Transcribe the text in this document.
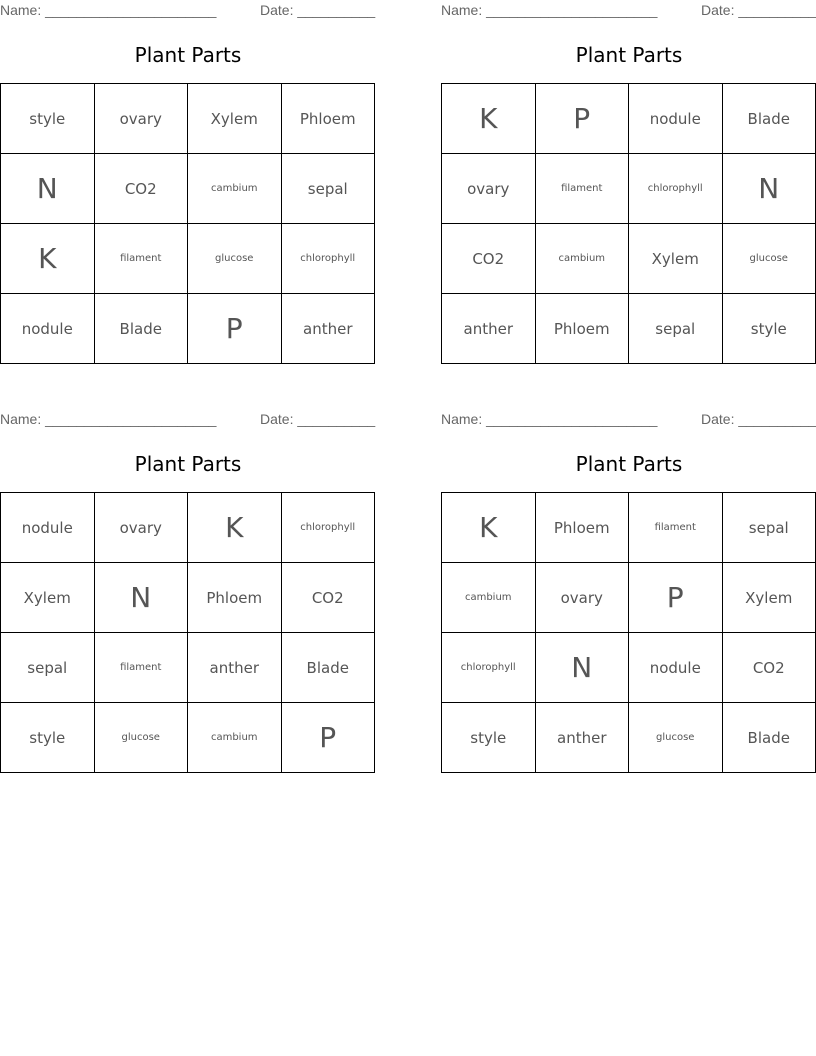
Name: ______________________	Date: __________
Plant Parts
style	ovary	Xylem	Phloem
N	CO2	cambium	sepal
K	filament	glucose	chlorophyll
nodule	Blade	P	anther
Name: ______________________	Date: __________
Plant Parts
K	P	nodule	Blade
ovary	filament	chlorophyll	N
CO2	cambium	Xylem	glucose
anther	Phloem	sepal	style
Name: ______________________	Date: __________
Plant Parts
nodule	ovary	K	chlorophyll
Xylem	N	Phloem	CO2
sepal	filament	anther	Blade
style	glucose	cambium	P
Name: ______________________	Date: __________
Plant Parts
K	Phloem	filament	sepal
cambium	ovary	P	Xylem
chlorophyll	N	nodule	CO2
style	anther	glucose	Blade
